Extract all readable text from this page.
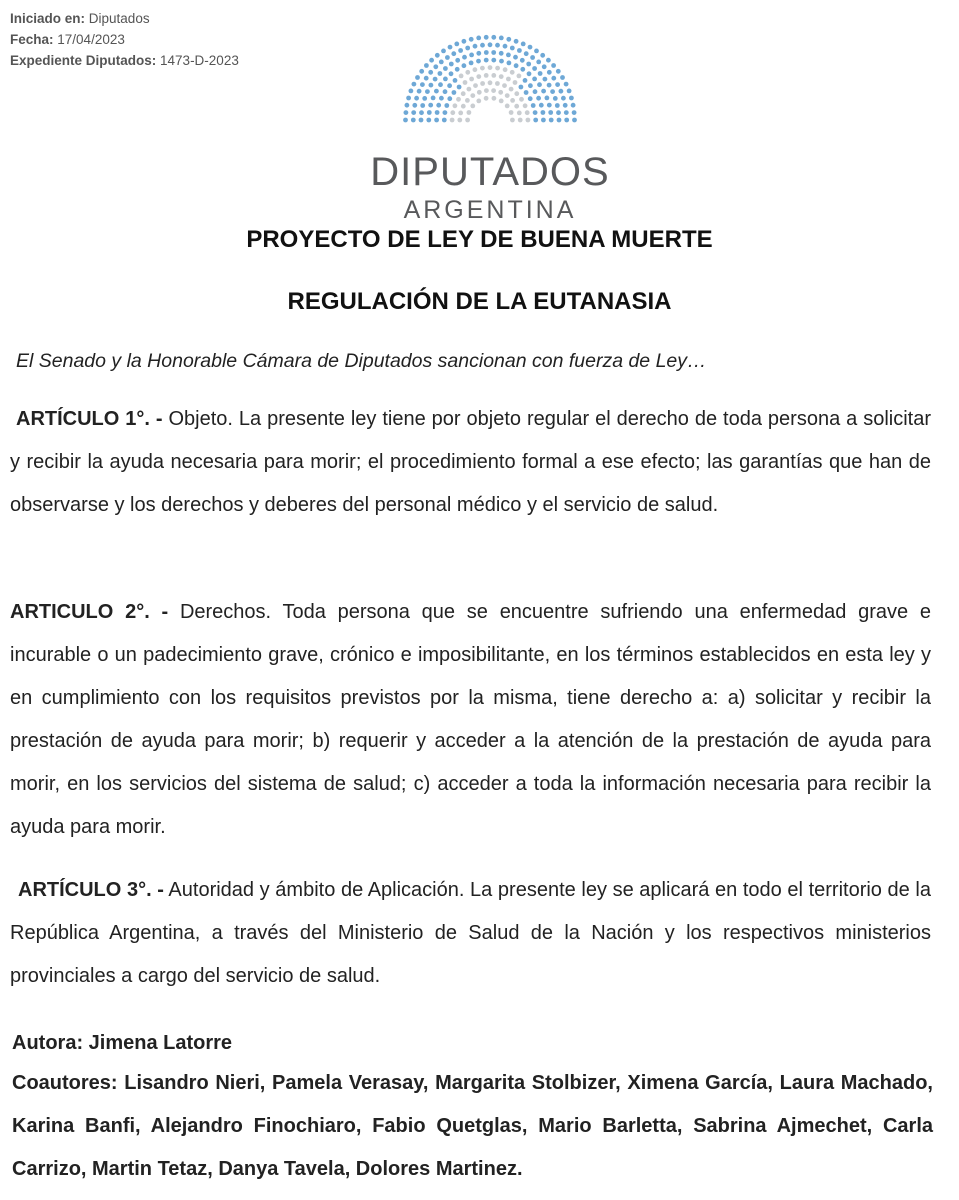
Iniciado en: Diputados
Fecha: 17/04/2023
Expediente Diputados: 1473-D-2023
DIPUTADOS
ARGENTINA
PROYECTO DE LEY DE BUENA MUERTE
REGULACIÓN DE LA EUTANASIA
El Senado y la Honorable Cámara de Diputados sancionan con fuerza de Ley…
ARTÍCULO 1°. - Objeto. La presente ley tiene por objeto regular el derecho de toda persona a solicitar y recibir la ayuda necesaria para morir; el procedimiento formal a ese efecto; las garantías que han de observarse y los derechos y deberes del personal médico y el servicio de salud.
ARTICULO 2°. - Derechos. Toda persona que se encuentre sufriendo una enfermedad grave e incurable o un padecimiento grave, crónico e imposibilitante, en los términos establecidos en esta ley y en cumplimiento con los requisitos previstos por la misma, tiene derecho a: a) solicitar y recibir la prestación de ayuda para morir; b) requerir y acceder a la atención de la prestación de ayuda para morir, en los servicios del sistema de salud; c) acceder a toda la información necesaria para recibir la ayuda para morir.
ARTÍCULO 3°. - Autoridad y ámbito de Aplicación. La presente ley se aplicará en todo el territorio de la República Argentina, a través del Ministerio de Salud de la Nación y los respectivos ministerios provinciales a cargo del servicio de salud.
Autora: Jimena Latorre
Coautores: Lisandro Nieri, Pamela Verasay, Margarita Stolbizer, Ximena García, Laura Machado, Karina Banfi, Alejandro Finochiaro, Fabio Quetglas, Mario Barletta, Sabrina Ajmechet, Carla Carrizo, Martin Tetaz, Danya Tavela, Dolores Martinez.
